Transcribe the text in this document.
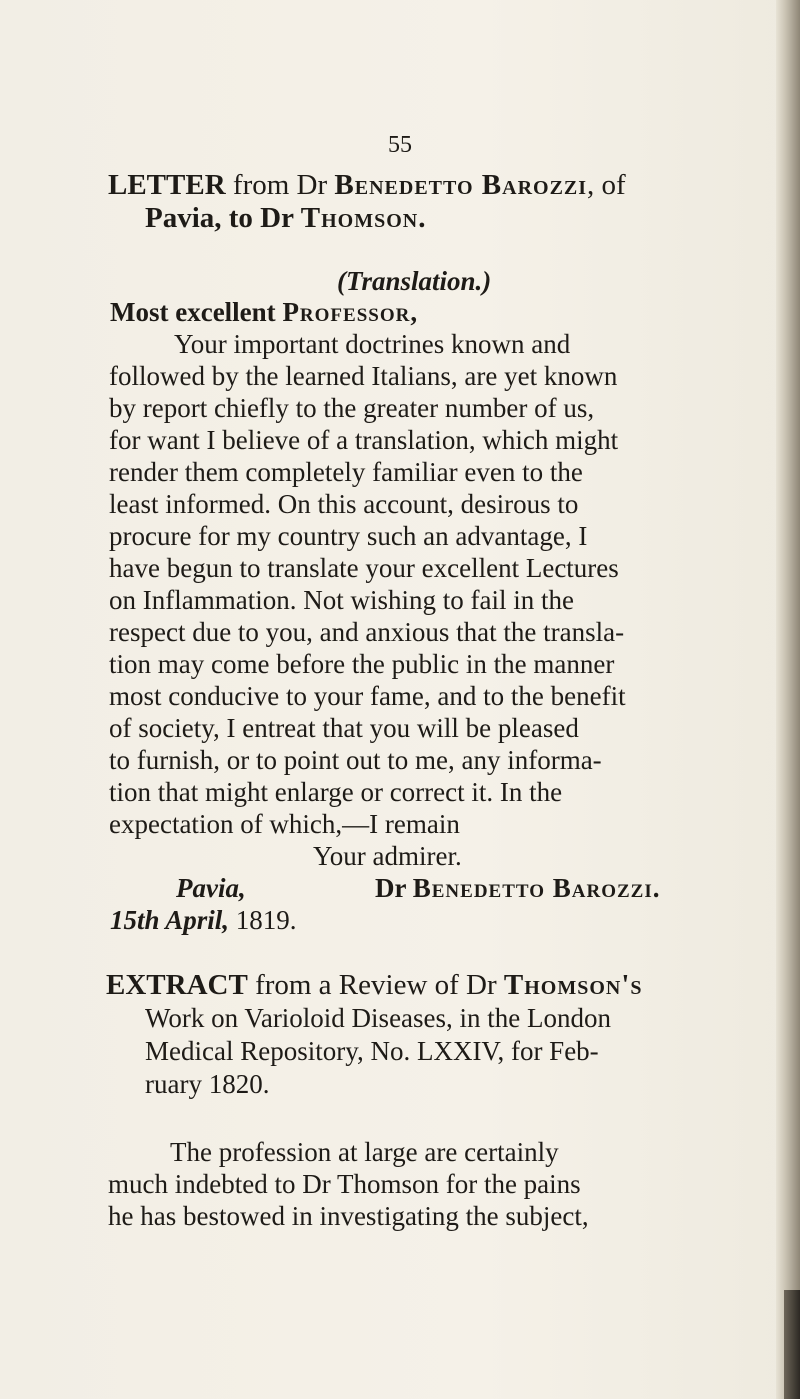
55
LETTER from Dr Benedetto Barozzi, of
Pavia, to Dr Thomson.
(Translation.)
Most excellent Professor,
Your important doctrines known and
followed by the learned Italians, are yet known
by report chiefly to the greater number of us,
for want I believe of a translation, which might
render them completely familiar even to the
least informed. On this account, desirous to
procure for my country such an advantage, I
have begun to translate your excellent Lectures
on Inflammation. Not wishing to fail in the
respect due to you, and anxious that the transla-
tion may come before the public in the manner
most conducive to your fame, and to the benefit
of society, I entreat that you will be pleased
to furnish, or to point out to me, any informa-
tion that might enlarge or correct it. In the
expectation of which,—I remain
Your admirer.
Pavia,	Dr Benedetto Barozzi.
15th April, 1819.
EXTRACT from a Review of Dr Thomson's
Work on Varioloid Diseases, in the London
Medical Repository, No. LXXIV, for Feb-
ruary 1820.
The profession at large are certainly
much indebted to Dr Thomson for the pains
he has bestowed in investigating the subject,
